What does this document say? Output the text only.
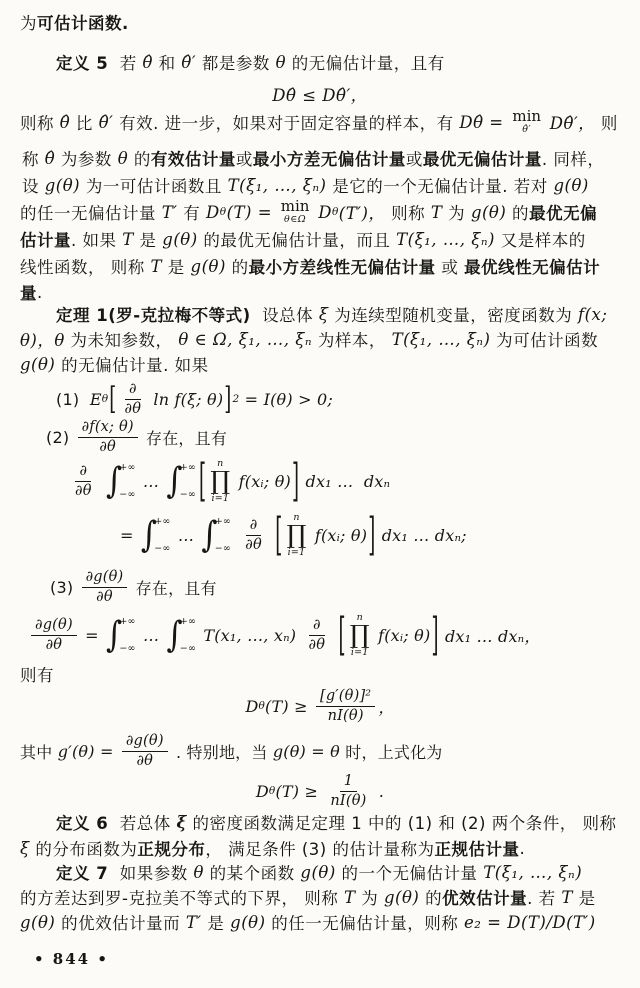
为 可估计函数.
定义 5 若 θ̂ 和 θ̂′ 都是参数 θ 的无偏估计量，且有
Dθ̂ ≤ Dθ̂′，
则称 θ̂ 比 θ̂′ 有效. 进一步，如果对于固定容量的样本，有 Dθ̂ = min
θ̂′ Dθ̂′， 则
称 θ̂ 为参数 θ 的 有效估计量 或 最小方差无偏估计量 或 最优无偏估计量 . 同样，
设 g(θ) 为一可估计函数且 T(ξ₁, …, ξₙ) 是它的一个无偏估计量. 若对 g(θ)
的任一无偏估计量 T′ 有 D θ (T) = min
θ∈Ω D θ (T′)， 则称 T 为 g(θ) 的 最优无偏
估计量 . 如果 T 是 g(θ) 的最优无偏估计量，而且 T(ξ₁, …, ξₙ) 又是样本的
线性函数， 则称 T 是 g(θ) 的 最小方差线性无偏估计量 或 最优线性无偏估计
量 .
定理 1(罗-克拉梅不等式) 设总体 ξ 为连续型随机变量，密度函数为 f(x;
θ)，θ 为未知参数， θ ∈ Ω, ξ₁, …, ξₙ 为样本， T(ξ₁, …, ξₙ) 为可估计函数
g(θ) 的无偏估计量. 如果
(1) E θ [ $\frac{\partial}{\partial\theta}$ ln f(ξ; θ) ] 2 = I(θ) > 0;
$(2) \frac{\partial f(x; \theta)}{\partial\theta}$ 存在，且有
$\frac{\partial}{\partial\theta}$
∫
+∞
−∞
… ∫
+∞
−∞ [ n
∏
i=1
f(xᵢ; θ) ] dx₁ …  dxₙ
= ∫
+∞
−∞
… ∫
+∞
−∞
$\frac{\partial}{\partial\theta}$
[ n
∏
i=1
f(xᵢ; θ) ] dx₁ … dxₙ;
$(3) \frac{\partial g(\theta)}{\partial\theta}$ 存在，且有
$\frac{\partial g(\theta)}{\partial\theta}$ = ∫
+∞
−∞
… ∫
+∞
−∞
T(x₁, …, $x_n) \frac{\partial}{\partial\theta}$
[ n
∏
i=1
f(xᵢ; θ) ] dx₁ … dxₙ，
则有
D θ $(T) \ge \frac{\text{[g′(θ)]²}}{nI(\theta)}$ ，
其中 $g'(\theta) = \frac{\partial g(\theta)}{\partial\theta}$ . 特别地，当 g(θ) = θ 时，上式化为
D θ $(T) \ge \frac{1}{nI(\theta)}$ .
定义 6 若总体 ξ 的密度函数满足定理 1 中的 (1) 和 (2) 两个条件， 则称
ξ 的分布函数为 正规分布 ， 满足条件 (3) 的估计量称为 正规估计量 .
定义 7 如果参数 θ 的某个函数 g(θ) 的一个无偏估计量 T(ξ₁, …, ξₙ)
的方差达到罗-克拉美不等式的下界， 则称 T 为 g(θ) 的 优效估计量 . 若 T 是
g(θ) 的优效估计量而 T′ 是 g(θ) 的任一无偏估计量，则称 e₂ = D(T)/D(T′)
• 844 •
